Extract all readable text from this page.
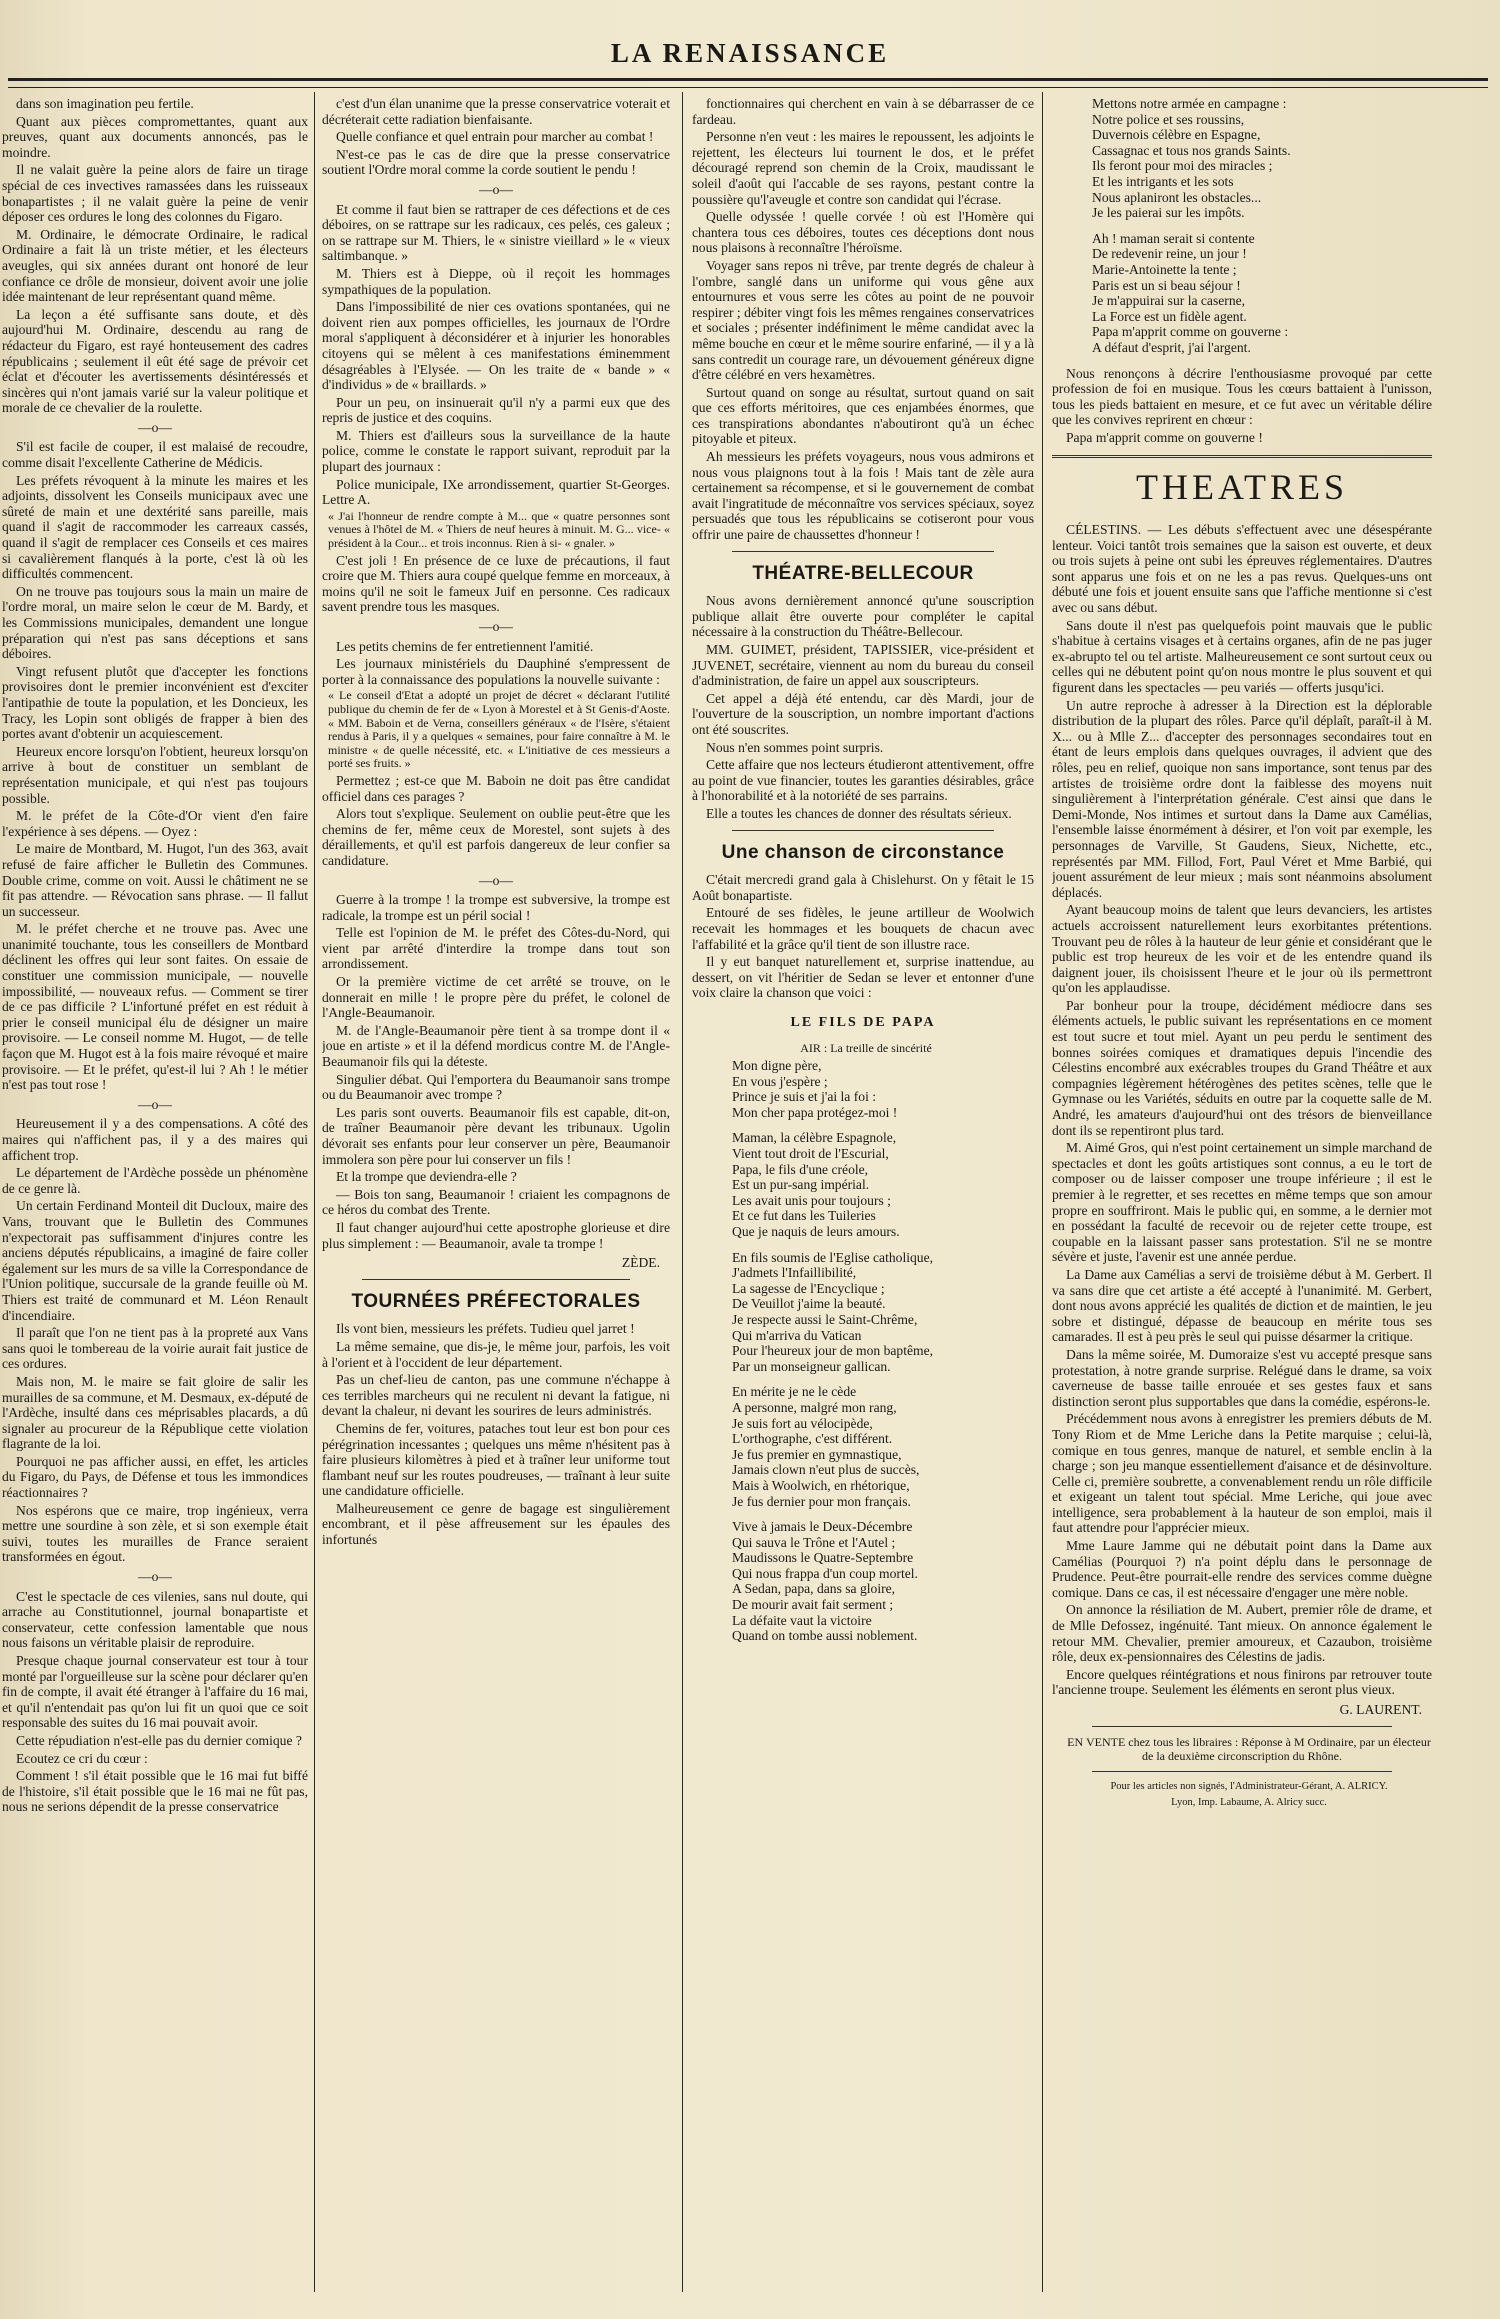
LA RENAISSANCE

dans son imagination peu fertile.

Quant aux pièces compromettantes, quant aux preuves, quant aux documents annoncés, pas le moindre.

Il ne valait guère la peine alors de faire un tirage spécial de ces invectives ramassées dans les ruisseaux bonapartistes ; il ne valait guère la peine de venir déposer ces ordures le long des colonnes du Figaro.

M. Ordinaire, le démocrate Ordinaire, le radical Ordinaire a fait là un triste métier, et les électeurs aveugles, qui six années durant ont honoré de leur confiance ce drôle de monsieur, doivent avoir une jolie idée maintenant de leur représentant quand même.

La leçon a été suffisante sans doute, et dès aujourd'hui M. Ordinaire, descendu au rang de rédacteur du Figaro, est rayé honteusement des cadres républicains ; seulement il eût été sage de prévoir cet éclat et d'écouter les avertissements désintéressés et sincères qui n'ont jamais varié sur la valeur politique et morale de ce chevalier de la roulette.

—o—

S'il est facile de couper, il est malaisé de recoudre, comme disait l'excellente Catherine de Médicis.

Les préfets révoquent à la minute les maires et les adjoints, dissolvent les Conseils municipaux avec une sûreté de main et une dextérité sans pareille, mais quand il s'agit de raccommoder les carreaux cassés, quand il s'agit de remplacer ces Conseils et ces maires si cavalièrement flanqués à la porte, c'est là où les difficultés commencent.

On ne trouve pas toujours sous la main un maire de l'ordre moral, un maire selon le cœur de M. Bardy, et les Commissions municipales, demandent une longue préparation qui n'est pas sans déceptions et sans déboires.

Vingt refusent plutôt que d'accepter les fonctions provisoires dont le premier inconvénient est d'exciter l'antipathie de toute la population, et les Doncieux, les Tracy, les Lopin sont obligés de frapper à bien des portes avant d'obtenir un acquiescement.

Heureux encore lorsqu'on l'obtient, heureux lorsqu'on arrive à bout de constituer un semblant de représentation municipale, et qui n'est pas toujours possible.

M. le préfet de la Côte-d'Or vient d'en faire l'expérience à ses dépens. — Oyez :

Le maire de Montbard, M. Hugot, l'un des 363, avait refusé de faire afficher le Bulletin des Communes. Double crime, comme on voit. Aussi le châtiment ne se fit pas attendre. — Révocation sans phrase. — Il fallut un successeur.

M. le préfet cherche et ne trouve pas. Avec une unanimité touchante, tous les conseillers de Montbard déclinent les offres qui leur sont faites. On essaie de constituer une commission municipale, — nouvelle impossibilité, — nouveaux refus. — Comment se tirer de ce pas difficile ? L'infortuné préfet en est réduit à prier le conseil municipal élu de désigner un maire provisoire. — Le conseil nomme M. Hugot, — de telle façon que M. Hugot est à la fois maire révoqué et maire provisoire. — Et le préfet, qu'est-il lui ? Ah ! le métier n'est pas tout rose !

—o—

Heureusement il y a des compensations. A côté des maires qui n'affichent pas, il y a des maires qui affichent trop.

Le département de l'Ardèche possède un phénomène de ce genre là.

Un certain Ferdinand Monteil dit Ducloux, maire des Vans, trouvant que le Bulletin des Communes n'expectorait pas suffisamment d'injures contre les anciens députés républicains, a imaginé de faire coller également sur les murs de sa ville la Correspondance de l'Union politique, succursale de la grande feuille où M. Thiers est traité de communard et M. Léon Renault d'incendiaire.

Il paraît que l'on ne tient pas à la propreté aux Vans sans quoi le tombereau de la voirie aurait fait justice de ces ordures.

Mais non, M. le maire se fait gloire de salir les murailles de sa commune, et M. Desmaux, ex-député de l'Ardèche, insulté dans ces méprisables placards, a dû signaler au procureur de la République cette violation flagrante de la loi.

Pourquoi ne pas afficher aussi, en effet, les articles du Figaro, du Pays, de Défense et tous les immondices réactionnaires ?

Nos espérons que ce maire, trop ingénieux, verra mettre une sourdine à son zèle, et si son exemple était suivi, toutes les murailles de France seraient transformées en égout.

—o—

C'est le spectacle de ces vilenies, sans nul doute, qui arrache au Constitutionnel, journal bonapartiste et conservateur, cette confession lamentable que nous nous faisons un véritable plaisir de reproduire.

Presque chaque journal conservateur est tour à tour monté par l'orgueilleuse sur la scène pour déclarer qu'en fin de compte, il avait été étranger à l'affaire du 16 mai, et qu'il n'entendait pas qu'on lui fit un quoi que ce soit responsable des suites du 16 mai pouvait avoir.

Cette répudiation n'est-elle pas du dernier comique ?

Ecoutez ce cri du cœur :

Comment ! s'il était possible que le 16 mai fut biffé de l'histoire, s'il était possible que le 16 mai ne fût pas, nous ne serions dépendit de la presse conservatrice

c'est d'un élan unanime que la presse conservatrice voterait et décréterait cette radiation bienfaisante.

Quelle confiance et quel entrain pour marcher au combat !

N'est-ce pas le cas de dire que la presse conservatrice soutient l'Ordre moral comme la corde soutient le pendu !

—o—

Et comme il faut bien se rattraper de ces défections et de ces déboires, on se rattrape sur les radicaux, ces pelés, ces galeux ; on se rattrape sur M. Thiers, le « sinistre vieillard » le « vieux saltimbanque. »

M. Thiers est à Dieppe, où il reçoit les hommages sympathiques de la population.

Dans l'impossibilité de nier ces ovations spontanées, qui ne doivent rien aux pompes officielles, les journaux de l'Ordre moral s'appliquent à déconsidérer et à injurier les honorables citoyens qui se mêlent à ces manifestations éminemment désagréables à l'Elysée. — On les traite de « bande » « d'individus » de « braillards. »

Pour un peu, on insinuerait qu'il n'y a parmi eux que des repris de justice et des coquins.

M. Thiers est d'ailleurs sous la surveillance de la haute police, comme le constate le rapport suivant, reproduit par la plupart des journaux :

Police municipale, IXe arrondissement, quartier St-Georges. Lettre A.

« J'ai l'honneur de rendre compte à M... que « quatre personnes sont venues à l'hôtel de M. « Thiers de neuf heures à minuit. M. G... vice- « président à la Cour... et trois inconnus. Rien à si- « gnaler. »

C'est joli ! En présence de ce luxe de précautions, il faut croire que M. Thiers aura coupé quelque femme en morceaux, à moins qu'il ne soit le fameux Juif en personne. Ces radicaux savent prendre tous les masques.

—o—

Les petits chemins de fer entretiennent l'amitié.

Les journaux ministériels du Dauphiné s'empressent de porter à la connaissance des populations la nouvelle suivante :

« Le conseil d'Etat a adopté un projet de décret « déclarant l'utilité publique du chemin de fer de « Lyon à Morestel et à St Genis-d'Aoste. « MM. Baboin et de Verna, conseillers généraux « de l'Isère, s'étaient rendus à Paris, il y a quelques « semaines, pour faire connaître à M. le ministre « de quelle nécessité, etc. « L'initiative de ces messieurs a porté ses fruits. »

Permettez ; est-ce que M. Baboin ne doit pas être candidat officiel dans ces parages ?

Alors tout s'explique. Seulement on oublie peut-être que les chemins de fer, même ceux de Morestel, sont sujets à des déraillements, et qu'il est parfois dangereux de leur confier sa candidature.

—o—

Guerre à la trompe ! la trompe est subversive, la trompe est radicale, la trompe est un péril social !

Telle est l'opinion de M. le préfet des Côtes-du-Nord, qui vient par arrêté d'interdire la trompe dans tout son arrondissement.

Or la première victime de cet arrêté se trouve, on le donnerait en mille ! le propre père du préfet, le colonel de l'Angle-Beaumanoir.

M. de l'Angle-Beaumanoir père tient à sa trompe dont il « joue en artiste » et il la défend mordicus contre M. de l'Angle-Beaumanoir fils qui la déteste.

Singulier débat. Qui l'emportera du Beaumanoir sans trompe ou du Beaumanoir avec trompe ?

Les paris sont ouverts. Beaumanoir fils est capable, dit-on, de traîner Beaumanoir père devant les tribunaux. Ugolin dévorait ses enfants pour leur conserver un père, Beaumanoir immolera son père pour lui conserver un fils !

Et la trompe que deviendra-elle ?

— Bois ton sang, Beaumanoir ! criaient les compagnons de ce héros du combat des Trente.

Il faut changer aujourd'hui cette apostrophe glorieuse et dire plus simplement : — Beaumanoir, avale ta trompe !

ZÈDE.

TOURNÉES PRÉFECTORALES

Ils vont bien, messieurs les préfets. Tudieu quel jarret !

La même semaine, que dis-je, le même jour, parfois, les voit à l'orient et à l'occident de leur département.

Pas un chef-lieu de canton, pas une commune n'échappe à ces terribles marcheurs qui ne reculent ni devant la fatigue, ni devant la chaleur, ni devant les sourires de leurs administrés.

Chemins de fer, voitures, pataches tout leur est bon pour ces pérégrination incessantes ; quelques uns même n'hésitent pas à faire plusieurs kilomètres à pied et à traîner leur uniforme tout flambant neuf sur les routes poudreuses, — traînant à leur suite une candidature officielle.

Malheureusement ce genre de bagage est singulièrement encombrant, et il pèse affreusement sur les épaules des infortunés

fonctionnaires qui cherchent en vain à se débarrasser de ce fardeau.

Personne n'en veut : les maires le repoussent, les adjoints le rejettent, les électeurs lui tournent le dos, et le préfet découragé reprend son chemin de la Croix, maudissant le soleil d'août qui l'accable de ses rayons, pestant contre la poussière qu'l'aveugle et contre son candidat qui l'écrase.

Quelle odyssée ! quelle corvée ! où est l'Homère qui chantera tous ces déboires, toutes ces déceptions dont nous nous plaisons à reconnaître l'héroïsme.

Voyager sans repos ni trêve, par trente degrés de chaleur à l'ombre, sanglé dans un uniforme qui vous gêne aux entournures et vous serre les côtes au point de ne pouvoir respirer ; débiter vingt fois les mêmes rengaines conservatrices et sociales ; présenter indéfiniment le même candidat avec la même bouche en cœur et le même sourire enfariné, — il y a là sans contredit un courage rare, un dévouement généreux digne d'être célébré en vers hexamètres.

Surtout quand on songe au résultat, surtout quand on sait que ces efforts méritoires, que ces enjambées énormes, que ces transpirations abondantes n'aboutiront qu'à un échec pitoyable et piteux.

Ah messieurs les préfets voyageurs, nous vous admirons et nous vous plaignons tout à la fois ! Mais tant de zèle aura certainement sa récompense, et si le gouvernement de combat avait l'ingratitude de méconnaître vos services spéciaux, soyez persuadés que tous les républicains se cotiseront pour vous offrir une paire de chaussettes d'honneur !

THÉATRE-BELLECOUR

Nous avons dernièrement annoncé qu'une souscription publique allait être ouverte pour compléter le capital nécessaire à la construction du Théâtre-Bellecour.

MM. GUIMET, président, TAPISSIER, vice-président et JUVENET, secrétaire, viennent au nom du bureau du conseil d'administration, de faire un appel aux souscripteurs.

Cet appel a déjà été entendu, car dès Mardi, jour de l'ouverture de la souscription, un nombre important d'actions ont été souscrites.

Nous n'en sommes point surpris.

Cette affaire que nos lecteurs étudieront attentivement, offre au point de vue financier, toutes les garanties désirables, grâce à l'honorabilité et à la notoriété de ses parrains.

Elle a toutes les chances de donner des résultats sérieux.

Une chanson de circonstance

C'était mercredi grand gala à Chislehurst. On y fêtait le 15 Août bonapartiste.

Entouré de ses fidèles, le jeune artilleur de Woolwich recevait les hommages et les bouquets de chacun avec l'affabilité et la grâce qu'il tient de son illustre race.

Il y eut banquet naturellement et, surprise inattendue, au dessert, on vit l'héritier de Sedan se lever et entonner d'une voix claire la chanson que voici :

LE FILS DE PAPA

AIR : La treille de sincérité

Mon digne père,

En vous j'espère ;

Prince je suis et j'ai la foi :

Mon cher papa protégez-moi !

Maman, la célèbre Espagnole,

Vient tout droit de l'Escurial,

Papa, le fils d'une créole,

Est un pur-sang impérial.

Les avait unis pour toujours ;

Et ce fut dans les Tuileries

Que je naquis de leurs amours.

En fils soumis de l'Eglise catholique,

J'admets l'Infaillibilité,

La sagesse de l'Encyclique ;

De Veuillot j'aime la beauté.

Je respecte aussi le Saint-Chrême,

Qui m'arriva du Vatican

Pour l'heureux jour de mon baptême,

Par un monseigneur gallican.

En mérite je ne le cède

A personne, malgré mon rang,

Je suis fort au vélocipède,

L'orthographe, c'est différent.

Je fus premier en gymnastique,

Jamais clown n'eut plus de succès,

Mais à Woolwich, en rhétorique,

Je fus dernier pour mon français.

Vive à jamais le Deux-Décembre

Qui sauva le Trône et l'Autel ;

Maudissons le Quatre-Septembre

Qui nous frappa d'un coup mortel.

A Sedan, papa, dans sa gloire,

De mourir avait fait serment ;

La défaite vaut la victoire

Quand on tombe aussi noblement.

Mettons notre armée en campagne :

Notre police et ses roussins,

Duvernois célèbre en Espagne,

Cassagnac et tous nos grands Saints.

Ils feront pour moi des miracles ;

Et les intrigants et les sots

Nous aplaniront les obstacles...

Je les paierai sur les impôts.

Ah ! maman serait si contente

De redevenir reine, un jour !

Marie-Antoinette la tente ;

Paris est un si beau séjour !

Je m'appuirai sur la caserne,

La Force est un fidèle agent.

Papa m'apprit comme on gouverne :

A défaut d'esprit, j'ai l'argent.

Nous renonçons à décrire l'enthousiasme provoqué par cette profession de foi en musique. Tous les cœurs battaient à l'unisson, tous les pieds battaient en mesure, et ce fut avec un véritable délire que les convives reprirent en chœur :

Papa m'apprit comme on gouverne !

THEATRES

CÉLESTINS. — Les débuts s'effectuent avec une désespérante lenteur. Voici tantôt trois semaines que la saison est ouverte, et deux ou trois sujets à peine ont subi les épreuves réglementaires. D'autres sont apparus une fois et on ne les a pas revus. Quelques-uns ont débuté une fois et jouent ensuite sans que l'affiche mentionne si c'est avec ou sans début.

Sans doute il n'est pas quelquefois point mauvais que le public s'habitue à certains visages et à certains organes, afin de ne pas juger ex-abrupto tel ou tel artiste. Malheureusement ce sont surtout ceux ou celles qui ne débutent point qu'on nous montre le plus souvent et qui figurent dans les spectacles — peu variés — offerts jusqu'ici.

Un autre reproche à adresser à la Direction est la déplorable distribution de la plupart des rôles. Parce qu'il déplaît, paraît-il à M. X... ou à Mlle Z... d'accepter des personnages secondaires tout en étant de leurs emplois dans quelques ouvrages, il advient que des rôles, peu en relief, quoique non sans importance, sont tenus par des artistes de troisième ordre dont la faiblesse des moyens nuit singulièrement à l'interprétation générale. C'est ainsi que dans le Demi-Monde, Nos intimes et surtout dans la Dame aux Camélias, l'ensemble laisse énormément à désirer, et l'on voit par exemple, les personnages de Varville, St Gaudens, Sieux, Nichette, etc., représentés par MM. Fillod, Fort, Paul Véret et Mme Barbié, qui jouent assurément de leur mieux ; mais sont néanmoins absolument déplacés.

Ayant beaucoup moins de talent que leurs devanciers, les artistes actuels accroissent naturellement leurs exorbitantes prétentions. Trouvant peu de rôles à la hauteur de leur génie et considérant que le public est trop heureux de les voir et de les entendre quand ils daignent jouer, ils choisissent l'heure et le jour où ils permettront qu'on les applaudisse.

Par bonheur pour la troupe, décidément médiocre dans ses éléments actuels, le public suivant les représentations en ce moment est tout sucre et tout miel. Ayant un peu perdu le sentiment des bonnes soirées comiques et dramatiques depuis l'incendie des Célestins encombré aux exécrables troupes du Grand Théâtre et aux compagnies légèrement hétérogènes des petites scènes, telle que le Gymnase ou les Variétés, séduits en outre par la coquette salle de M. André, les amateurs d'aujourd'hui ont des trésors de bienveillance dont ils se repentiront plus tard.

M. Aimé Gros, qui n'est point certainement un simple marchand de spectacles et dont les goûts artistiques sont connus, a eu le tort de composer ou de laisser composer une troupe inférieure ; il est le premier à le regretter, et ses recettes en même temps que son amour propre en souffriront. Mais le public qui, en somme, a le dernier mot en possédant la faculté de recevoir ou de rejeter cette troupe, est coupable en la laissant passer sans protestation. S'il ne se montre sévère et juste, l'avenir est une année perdue.

La Dame aux Camélias a servi de troisième début à M. Gerbert. Il va sans dire que cet artiste a été accepté à l'unanimité. M. Gerbert, dont nous avons apprécié les qualités de diction et de maintien, le jeu sobre et distingué, dépasse de beaucoup en mérite tous ses camarades. Il est à peu près le seul qui puisse désarmer la critique.

Dans la même soirée, M. Dumoraize s'est vu accepté presque sans protestation, à notre grande surprise. Relégué dans le drame, sa voix caverneuse de basse taille enrouée et ses gestes faux et sans distinction seront plus supportables que dans la comédie, espérons-le.

Précédemment nous avons à enregistrer les premiers débuts de M. Tony Riom et de Mme Leriche dans la Petite marquise ; celui-là, comique en tous genres, manque de naturel, et semble enclin à la charge ; son jeu manque essentiellement d'aisance et de désinvolture. Celle ci, première soubrette, a convenablement rendu un rôle difficile et exigeant un talent tout spécial. Mme Leriche, qui joue avec intelligence, sera probablement à la hauteur de son emploi, mais il faut attendre pour l'apprécier mieux.

Mme Laure Jamme qui ne débutait point dans la Dame aux Camélias (Pourquoi ?) n'a point déplu dans le personnage de Prudence. Peut-être pourrait-elle rendre des services comme duègne comique. Dans ce cas, il est nécessaire d'engager une mère noble.

On annonce la résiliation de M. Aubert, premier rôle de drame, et de Mlle Defossez, ingénuité. Tant mieux. On annonce également le retour MM. Chevalier, premier amoureux, et Cazaubon, troisième rôle, deux ex-pensionnaires des Célestins de jadis.

Encore quelques réintégrations et nous finirons par retrouver toute l'ancienne troupe. Seulement les éléments en seront plus vieux.

G. LAURENT.

EN VENTE chez tous les libraires : Réponse à M Ordinaire, par un électeur de la deuxième circonscription du Rhône.

Pour les articles non signés, l'Administrateur-Gérant, A. ALRICY.

Lyon, Imp. Labaume, A. Alricy succ.
